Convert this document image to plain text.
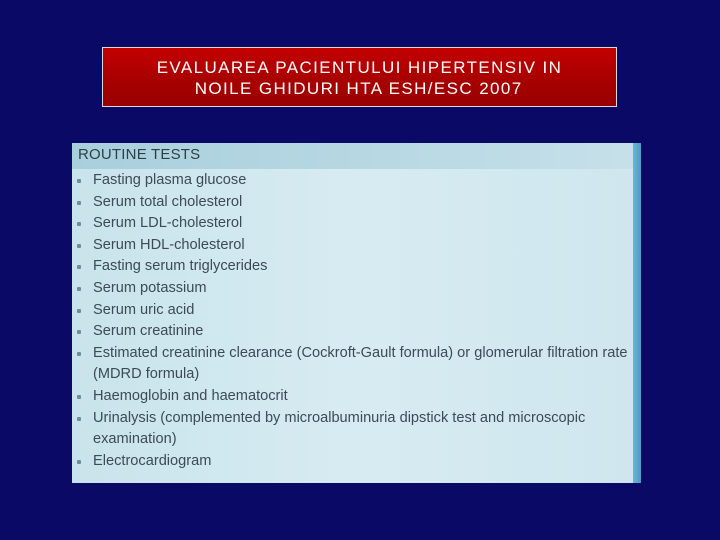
EVALUAREA PACIENTULUI HIPERTENSIV IN
NOILE GHIDURI HTA ESH/ESC 2007
ROUTINE TESTS
Fasting plasma glucose
Serum total cholesterol
Serum LDL-cholesterol
Serum HDL-cholesterol
Fasting serum triglycerides
Serum potassium
Serum uric acid
Serum creatinine
Estimated creatinine clearance (Cockroft-Gault formula) or glomerular filtration rate (MDRD formula)
Haemoglobin and haematocrit
Urinalysis (complemented by microalbuminuria dipstick test and microscopic examination)
Electrocardiogram
